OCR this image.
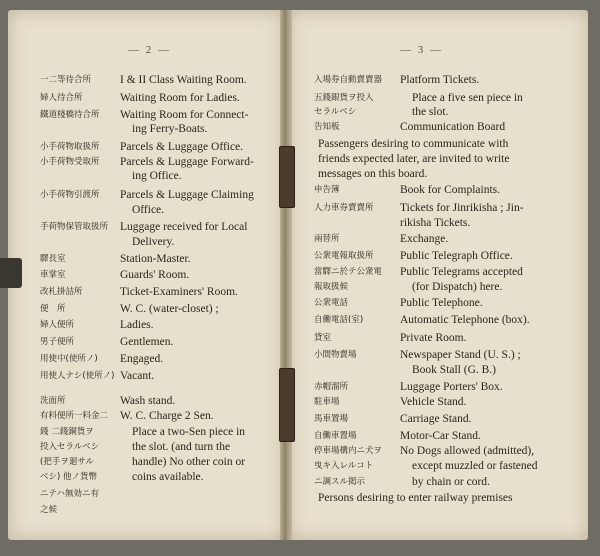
— 2 —	— 3 —
一二等待合所	I & II Class Waiting Room.
婦人待合所	Waiting Room for Ladies.
鐵道棧橋待合所 Waiting Room for Connect-
ing Ferry-Boats.
小手荷物取扱所 Parcels & Luggage Office.
小手荷物受取所 Parcels & Luggage Forward-
ing Office.
小手荷物引渡所 Parcels & Luggage Claiming
Office.
手荷物保管取扱所 Luggage received for Local
Delivery.
驛長室	Station-Master.
車掌室	Guards' Room.
改札掛詰所	Ticket-Examiners' Room.
便　所	W. C. (water-closet) ;
婦人便所	Ladies.
男子便所	Gentlemen.
用使中(使所ノ) Engaged.
用使人ナシ(使所ノ) Vacant.
洗面所	Wash stand.
有料便所一料金二 W. C. Charge 2 Sen.
錢 二錢銅貨ヲ	Place a two-Sen piece in
投入セラルベシ	the slot. (and turn the
(把手ヲ廻サル	handle) No other coin or
ベシ) 他ノ貨幣	coins available.
ニテハ無効ニ有
之候
入場券自動賣賣器 Platform Tickets.
五錢銀貨ヲ投入	Place a five sen piece in
セラルベシ	the slot.
告知板	Communication Board
Passengers desiring to communicate with
friends expected later, are invited to write
messages on this board.
申告簿	Book for Complaints.
人力車券賣賣所 Tickets for Jinrikisha ; Jin-
rikisha Tickets.
兩替所	Exchange.
公衆電報取扱所 Public Telegraph Office.
當驛ニ於テ公衆電 Public Telegrams accepted
報取扱候	(for Dispatch) here.
公衆電話	Public Telephone.
自働電話(室)	Automatic Telephone (box).
貸室	Private Room.
小間物賣場	Newspaper Stand (U. S.) ;
Book Stall (G. B.)
赤帽溜所	Luggage Porters' Box.
駐車場	Vehicle Stand.
馬車置場	Carriage Stand.
自働車置場	Motor-Car Stand.
停車場構内ニ犬ヲ No Dogs allowed (admitted),
曳キ入レルコト	except muzzled or fastened
ニ調スル掲示	by chain or cord.
Persons desiring to enter railway premises
